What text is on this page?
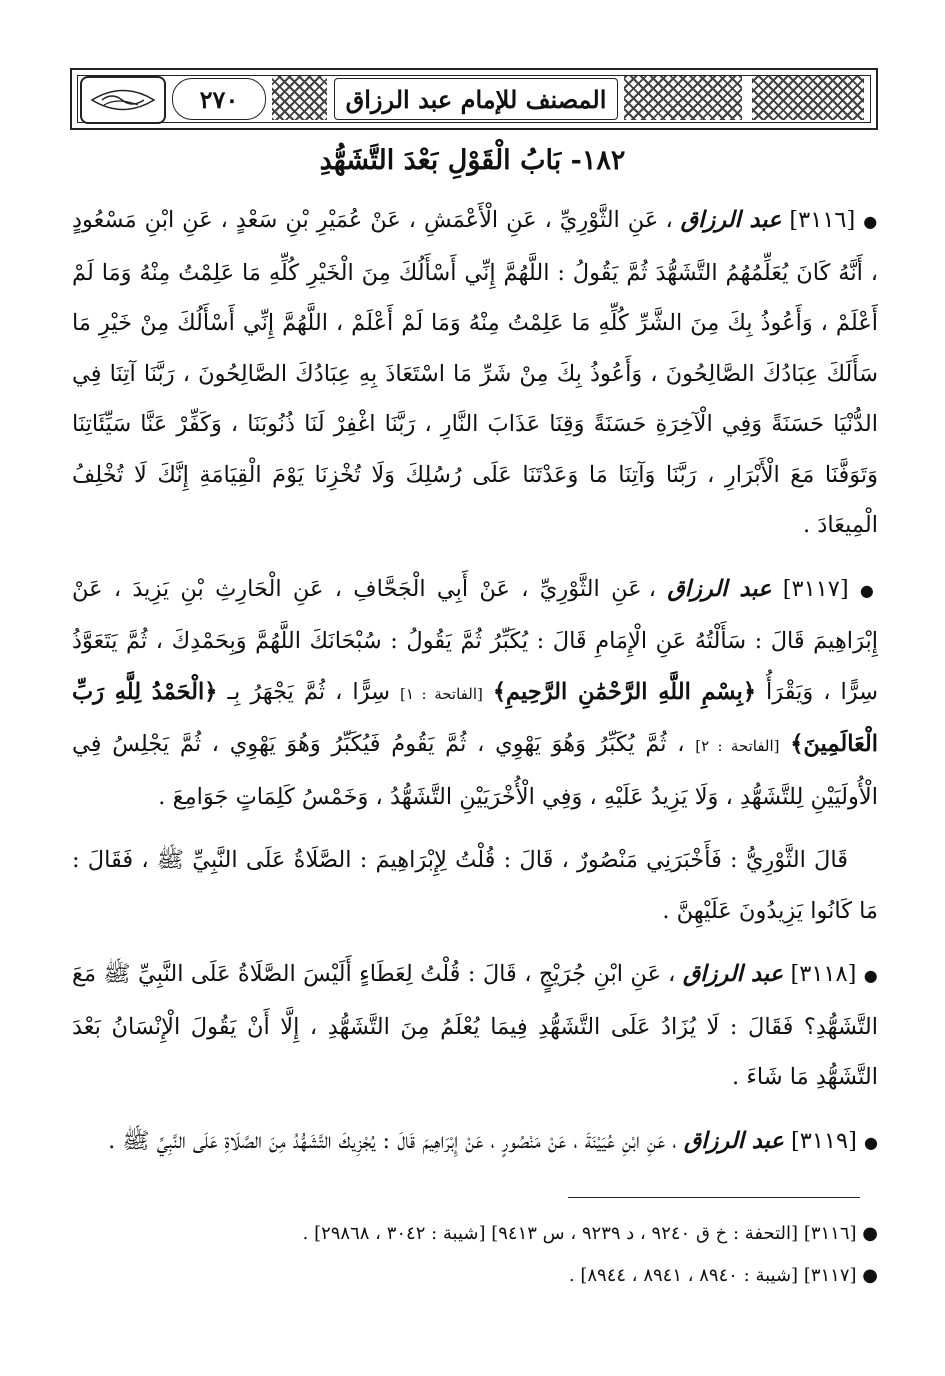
٢٧٠	المصنف للإمام عبد الرزاق
١٨٢- بَابُ الْقَوْلِ بَعْدَ التَّشَهُّدِ

● [٣١١٦] عبد الرزاق ، عَنِ الثَّوْرِيِّ ، عَنِ الْأَعْمَشِ ، عَنْ عُمَيْرِ بْنِ سَعْدٍ ، عَنِ ابْنِ مَسْعُودٍ ، أَنَّهُ كَانَ يُعَلِّمُهُمُ التَّشَهُّدَ ثُمَّ يَقُولُ : اللَّهُمَّ إِنِّي أَسْأَلُكَ مِنَ الْخَيْرِ كُلِّهِ مَا عَلِمْتُ مِنْهُ وَمَا لَمْ أَعْلَمْ ، وَأَعُوذُ بِكَ مِنَ الشَّرِّ كُلِّهِ مَا عَلِمْتُ مِنْهُ وَمَا لَمْ أَعْلَمْ ، اللَّهُمَّ إِنِّي أَسْأَلُكَ مِنْ خَيْرِ مَا سَأَلَكَ عِبَادُكَ الصَّالِحُونَ ، وَأَعُوذُ بِكَ مِنْ شَرِّ مَا اسْتَعَاذَ بِهِ عِبَادُكَ الصَّالِحُونَ ، رَبَّنَا آتِنَا فِي الدُّنْيَا حَسَنَةً وَفِي الْآخِرَةِ حَسَنَةً وَقِنَا عَذَابَ النَّارِ ، رَبَّنَا اغْفِرْ لَنَا ذُنُوبَنَا ، وَكَفِّرْ عَنَّا سَيِّئَاتِنَا وَتَوَفَّنَا مَعَ الْأَبْرَارِ ، رَبَّنَا وَآتِنَا مَا وَعَدْتَنَا عَلَى رُسُلِكَ وَلَا تُخْزِنَا يَوْمَ الْقِيَامَةِ إِنَّكَ لَا تُخْلِفُ الْمِيعَادَ .

● [٣١١٧] عبد الرزاق ، عَنِ الثَّوْرِيِّ ، عَنْ أَبِي الْجَحَّافِ ، عَنِ الْحَارِثِ بْنِ يَزِيدَ ، عَنْ إِبْرَاهِيمَ قَالَ : سَأَلْتُهُ عَنِ الْإِمَامِ قَالَ : يُكَبِّرُ ثُمَّ يَقُولُ : سُبْحَانَكَ اللَّهُمَّ وَبِحَمْدِكَ ، ثُمَّ يَتَعَوَّذُ سِرًّا ، وَيَقْرَأُ ﴿بِسْمِ اللَّهِ الرَّحْمَٰنِ الرَّحِيمِ﴾ [الفاتحة : ١] سِرًّا ، ثُمَّ يَجْهَرُ بِـ ﴿الْحَمْدُ لِلَّهِ رَبِّ الْعَالَمِينَ﴾ [الفاتحة : ٢] ، ثُمَّ يُكَبِّرُ وَهُوَ يَهْوِي ، ثُمَّ يَقُومُ فَيُكَبِّرُ وَهُوَ يَهْوِي ، ثُمَّ يَجْلِسُ فِي الْأُولَيَيْنِ لِلتَّشَهُّدِ ، وَلَا يَزِيدُ عَلَيْهِ ، وَفِي الْأُخْرَيَيْنِ التَّشَهُّدُ ، وَخَمْسُ كَلِمَاتٍ جَوَامِعَ .

قَالَ الثَّوْرِيُّ : فَأَخْبَرَنِي مَنْصُورٌ ، قَالَ : قُلْتُ لِإِبْرَاهِيمَ : الصَّلَاةُ عَلَى النَّبِيِّ ﷺ ، فَقَالَ : مَا كَانُوا يَزِيدُونَ عَلَيْهِنَّ .

● [٣١١٨] عبد الرزاق ، عَنِ ابْنِ جُرَيْجٍ ، قَالَ : قُلْتُ لِعَطَاءٍ أَلَيْسَ الصَّلَاةُ عَلَى النَّبِيِّ ﷺ مَعَ التَّشَهُّدِ؟ فَقَالَ : لَا يُزَادُ عَلَى التَّشَهُّدِ فِيمَا يُعْلَمُ مِنَ التَّشَهُّدِ ، إِلَّا أَنْ يَقُولَ الْإِنْسَانُ بَعْدَ التَّشَهُّدِ مَا شَاءَ .

● [٣١١٩] عبد الرزاق ، عَنِ ابْنِ عُيَيْنَةَ ، عَنْ مَنْصُورٍ ، عَنْ إِبْرَاهِيمَ قَالَ : يُجْزِيكَ التَّشَهُّدُ مِنَ الصَّلَاةِ عَلَى النَّبِيِّ ﷺ .

● [٣١١٦] [التحفة : خ ق ٩٢٤٠ ، د ٩٢٣٩ ، س ٩٤١٣] [شيبة : ٣٠٤٢ ، ٢٩٨٦٨] .

● [٣١١٧] [شيبة : ٨٩٤٠ ، ٨٩٤١ ، ٨٩٤٤] .
